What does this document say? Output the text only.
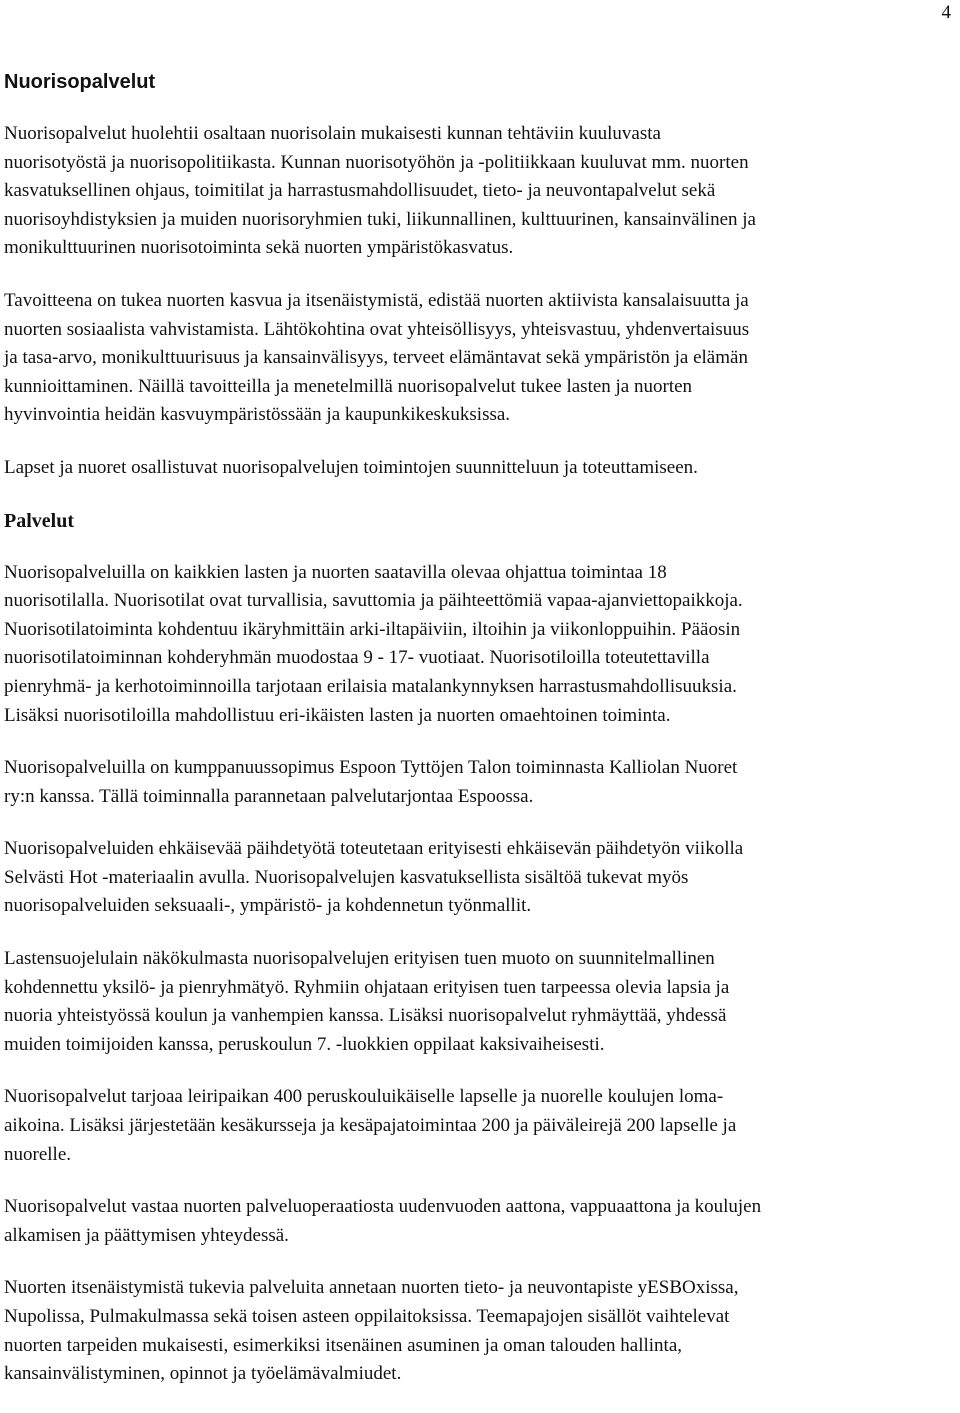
4
Nuorisopalvelut

Nuorisopalvelut huolehtii osaltaan nuorisolain mukaisesti kunnan tehtäviin kuuluvasta
nuorisotyöstä ja nuorisopolitiikasta. Kunnan nuorisotyöhön ja -politiikkaan kuuluvat mm. nuorten
kasvatuksellinen ohjaus, toimitilat ja harrastusmahdollisuudet, tieto- ja neuvontapalvelut sekä
nuorisoyhdistyksien ja muiden nuorisoryhmien tuki, liikunnallinen, kulttuurinen, kansainvälinen ja
monikulttuurinen nuorisotoiminta sekä nuorten ympäristökasvatus.

Tavoitteena on tukea nuorten kasvua ja itsenäistymistä, edistää nuorten aktiivista kansalaisuutta ja
nuorten sosiaalista vahvistamista. Lähtökohtina ovat yhteisöllisyys, yhteisvastuu, yhdenvertaisuus
ja tasa-arvo, monikulttuurisuus ja kansainvälisyys, terveet elämäntavat sekä ympäristön ja elämän
kunnioittaminen. Näillä tavoitteilla ja menetelmillä nuorisopalvelut tukee lasten ja nuorten
hyvinvointia heidän kasvuympäristössään ja kaupunkikeskuksissa.

Lapset ja nuoret osallistuvat nuorisopalvelujen toimintojen suunnitteluun ja toteuttamiseen.

Palvelut

Nuorisopalveluilla on kaikkien lasten ja nuorten saatavilla olevaa ohjattua toimintaa 18
nuorisotilalla. Nuorisotilat ovat turvallisia, savuttomia ja päihteettömiä vapaa-ajanviettopaikkoja.
Nuorisotilatoiminta kohdentuu ikäryhmittäin arki-iltapäiviin, iltoihin ja viikonloppuihin. Pääosin
nuorisotilatoiminnan kohderyhmän muodostaa 9 - 17- vuotiaat. Nuorisotiloilla toteutettavilla
pienryhmä- ja kerhotoiminnoilla tarjotaan erilaisia matalankynnyksen harrastusmahdollisuuksia.
Lisäksi nuorisotiloilla mahdollistuu eri-ikäisten lasten ja nuorten omaehtoinen toiminta.

Nuorisopalveluilla on kumppanuussopimus Espoon Tyttöjen Talon toiminnasta Kalliolan Nuoret
ry:n kanssa. Tällä toiminnalla parannetaan palvelutarjontaa Espoossa.

Nuorisopalveluiden ehkäisevää päihdetyötä toteutetaan erityisesti ehkäisevän päihdetyön viikolla
Selvästi Hot -materiaalin avulla. Nuorisopalvelujen kasvatuksellista sisältöä tukevat myös
nuorisopalveluiden seksuaali-, ympäristö- ja kohdennetun työnmallit.

Lastensuojelulain näkökulmasta nuorisopalvelujen erityisen tuen muoto on suunnitelmallinen
kohdennettu yksilö- ja pienryhmätyö. Ryhmiin ohjataan erityisen tuen tarpeessa olevia lapsia ja
nuoria yhteistyössä koulun ja vanhempien kanssa. Lisäksi nuorisopalvelut ryhmäyttää, yhdessä
muiden toimijoiden kanssa, peruskoulun 7. -luokkien oppilaat kaksivaiheisesti.

Nuorisopalvelut tarjoaa leiripaikan 400 peruskouluikäiselle lapselle ja nuorelle koulujen loma-
aikoina. Lisäksi järjestetään kesäkursseja ja kesäpajatoimintaa 200 ja päiväleirejä 200 lapselle ja
nuorelle.

Nuorisopalvelut vastaa nuorten palveluoperaatiosta uudenvuoden aattona, vappuaattona ja koulujen
alkamisen ja päättymisen yhteydessä.

Nuorten itsenäistymistä tukevia palveluita annetaan nuorten tieto- ja neuvontapiste yESBOxissa,
Nupolissa, Pulmakulmassa sekä toisen asteen oppilaitoksissa. Teemapajojen sisällöt vaihtelevat
nuorten tarpeiden mukaisesti, esimerkiksi itsenäinen asuminen ja oman talouden hallinta,
kansainvälistyminen, opinnot ja työelämävalmiudet.
